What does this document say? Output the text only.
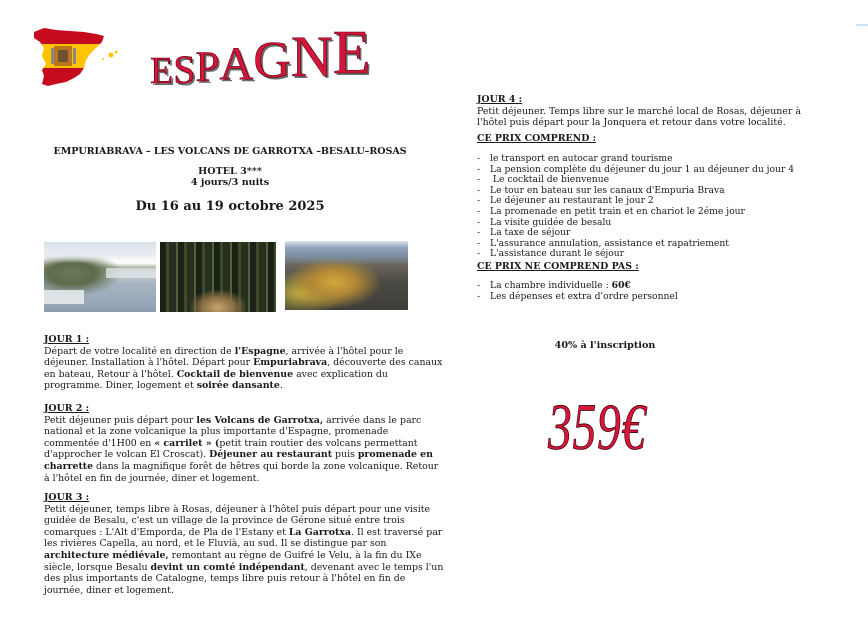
E S P A G N E
EMPURIABRAVA – LES VOLCANS DE GARROTXA –BESALU–ROSAS
HOTEL 3***
4 jours/3 nuits
Du 16 au 19 octobre 2025
JOUR 1 :
Départ de votre localité en direction de l'Espagne, arrivée à l'hôtel pour le déjeuner. Installation à l'hôtel. Départ pour Empuriabrava, découverte des canaux en bateau, Retour à l'hôtel. Cocktail de bienvenue avec explication du programme. Diner, logement et soirée dansante.
JOUR 2 :
Petit déjeuner puis départ pour les Volcans de Garrotxa, arrivée dans le parc national et la zone volcanique la plus importante d'Espagne, promenade commentée d'1H00 en « carrilet » (petit train routier des volcans permettant d'approcher le volcan El Croscat). Déjeuner au restaurant puis promenade en charrette dans la magnifique forêt de hêtres qui borde la zone volcanique. Retour à l'hôtel en fin de journée, diner et logement.
JOUR 3 :
Petit déjeuner, temps libre à Rosas, déjeuner à l'hôtel puis départ pour une visite guidée de Besalu, c'est un village de la province de Gérone situé entre trois comarques : L'Alt d'Emporda, de Pla de l'Estany et La Garrotxa. Il est traversé par les rivières Capella, au nord, et le Fluvià, au sud. Il se distingue par son architecture médiévale, remontant au règne de Guifré le Velu, à la fin du IXe siècle, lorsque Besalu devint un comté indépendant, devenant avec le temps l'un des plus importants de Catalogne, temps libre puis retour à l'hôtel en fin de journée, diner et logement.
JOUR 4 :
Petit déjeuner. Temps libre sur le marché local de Rosas, déjeuner à l'hôtel puis départ pour la Jonquera et retour dans votre localité.
CE PRIX COMPREND :
- le transport en autocar grand tourisme
- La pension complète du déjeuner du jour 1 au déjeuner du jour 4
-  Le cocktail de bienvenue
- Le tour en bateau sur les canaux d'Empuria Brava
- Le déjeuner au restaurant le jour 2
- La promenade en petit train et en chariot le 2éme jour
- La visite guidée de besalu
- La taxe de séjour
- L'assurance annulation, assistance et rapatriement
- L'assistance durant le séjour
CE PRIX NE COMPREND PAS :
- La chambre individuelle : 60€
- Les dépenses et extra d'ordre personnel
40% à l'inscription
359€
